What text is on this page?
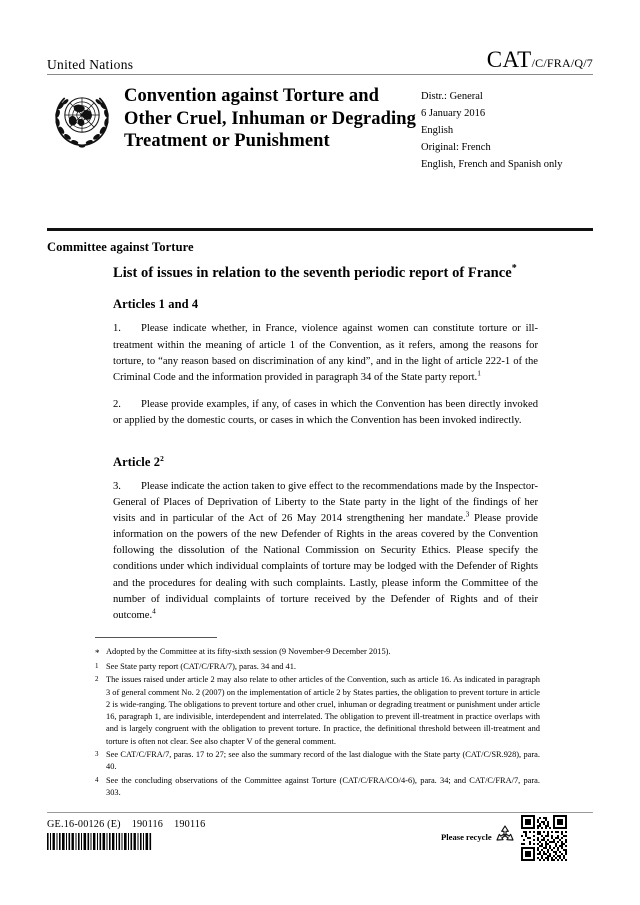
United Nations	CAT/C/FRA/Q/7
Convention against Torture and Other Cruel, Inhuman or Degrading Treatment or Punishment
Distr.: General
6 January 2016
English
Original: French
English, French and Spanish only
Committee against Torture
List of issues in relation to the seventh periodic report of France*
Articles 1 and 4

1. Please indicate whether, in France, violence against women can constitute torture or ill-treatment within the meaning of article 1 of the Convention, as it refers, among the reasons for torture, to “any reason based on discrimination of any kind”, and in the light of article 222-1 of the Criminal Code and the information provided in paragraph 34 of the State party report.$^1$

2. Please provide examples, if any, of cases in which the Convention has been directly invoked or applied by the domestic courts, or cases in which the Convention has been invoked indirectly.

Article $2^2$

3. Please indicate the action taken to give effect to the recommendations made by the Inspector-General of Places of Deprivation of Liberty to the State party in the light of the findings of her visits and in particular of the Act of 26 May 2014 strengthening her mandate.$^3$ Please provide information on the powers of the new Defender of Rights in the areas covered by the Convention following the dissolution of the National Commission on Security Ethics. Please specify the conditions under which individual complaints of torture may be lodged with the Defender of Rights and the procedures for dealing with such complaints. Lastly, please inform the Committee of the number of individual complaints of torture received by the Defender of Rights and of their outcome.$^4$

* Adopted by the Committee at its fifty-sixth session (9 November-9 December 2015).
1 See State party report (CAT/C/FRA/7), paras. 34 and 41.
2 The issues raised under article 2 may also relate to other articles of the Convention, such as article 16. As indicated in paragraph 3 of general comment No. 2 (2007) on the implementation of article 2 by States parties, the obligation to prevent torture in article 2 is wide-ranging. The obligations to prevent torture and other cruel, inhuman or degrading treatment or punishment under article 16, paragraph 1, are indivisible, interdependent and interrelated. The obligation to prevent ill-treatment in practice overlaps with and is largely congruent with the obligation to prevent torture. In practice, the definitional threshold between ill-treatment and torture is often not clear. See also chapter V of the general comment.
3 See CAT/C/FRA/7, paras. 17 to 27; see also the summary record of the last dialogue with the State party (CAT/C/SR.928), para. 40.
4 See the concluding observations of the Committee against Torture (CAT/C/FRA/CO/4-6), para. 34; and CAT/C/FRA/7, para. 303.
GE.16-00126 (E)    190116    190116
Please recycle
